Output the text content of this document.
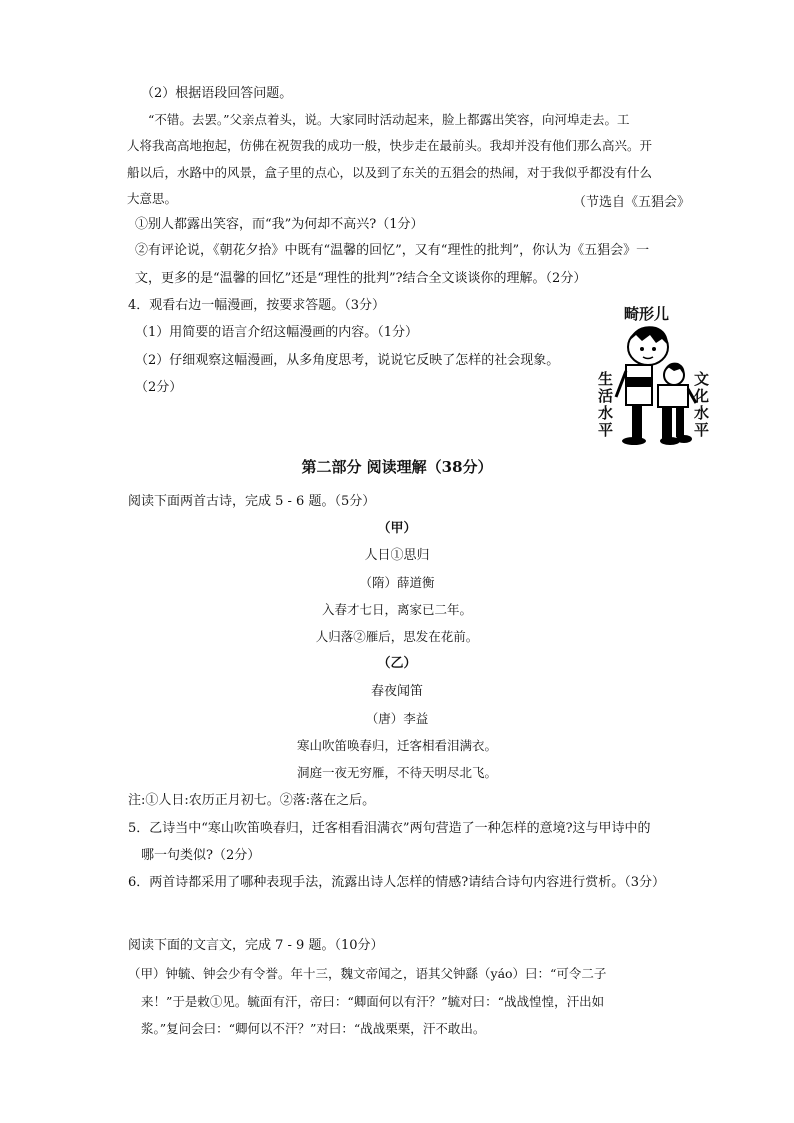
（2）根据语段回答问题。
“不错。去罢。”父亲点着头，说。大家同时活动起来，脸上都露出笑容，向河埠走去。工
人将我高高地抱起，仿佛在祝贺我的成功一般，快步走在最前头。我却并没有他们那么高兴。开
船以后，水路中的风景，盒子里的点心，以及到了东关的五猖会的热闹，对于我似乎都没有什么
大意思。	（节选自《五猖会》
①别人都露出笑容，而“我”为何却不高兴?（1分）
②有评论说，《朝花夕拾》中既有“温馨的回忆”，又有“理性的批判”，你认为《五猖会》一
文，更多的是“温馨的回忆”还是“理性的批判”?结合全文谈谈你的理解。（2分）
4．观看右边一幅漫画，按要求答题。（3分）
（1）用简要的语言介绍这幅漫画的内容。（1分）
（2）仔细观察这幅漫画，从多角度思考，说说它反映了怎样的社会现象。
（2分）
畸形儿
生活水平
文化水平
第二部分 阅读理解（38分）
阅读下面两首古诗，完成 5 - 6 题。（5分）
（甲）
人日①思归
（隋）薛道衡
入春才七日，离家已二年。
人归落②雁后，思发在花前。
（乙）
春夜闻笛
（唐）李益
寒山吹笛唤春归，迁客相看泪满衣。
洞庭一夜无穷雁，不待天明尽北飞。
注:①人日:农历正月初七。②落:落在之后。
5．乙诗当中“寒山吹笛唤春归，迁客相看泪满衣”两句营造了一种怎样的意境?这与甲诗中的
哪一句类似?（2分）
6．两首诗都采用了哪种表现手法，流露出诗人怎样的情感?请结合诗句内容进行赏析。（3分）
阅读下面的文言文，完成 7 - 9 题。（10分）
（甲）钟毓、钟会少有令誉。年十三，魏文帝闻之，语其父钟繇（yáo）曰：“可令二子
来！”于是敕①见。毓面有汗，帝曰：“卿面何以有汗？”毓对曰：“战战惶惶，汗出如
浆。”复问会曰：“卿何以不汗？”对曰：“战战栗栗，汗不敢出。
